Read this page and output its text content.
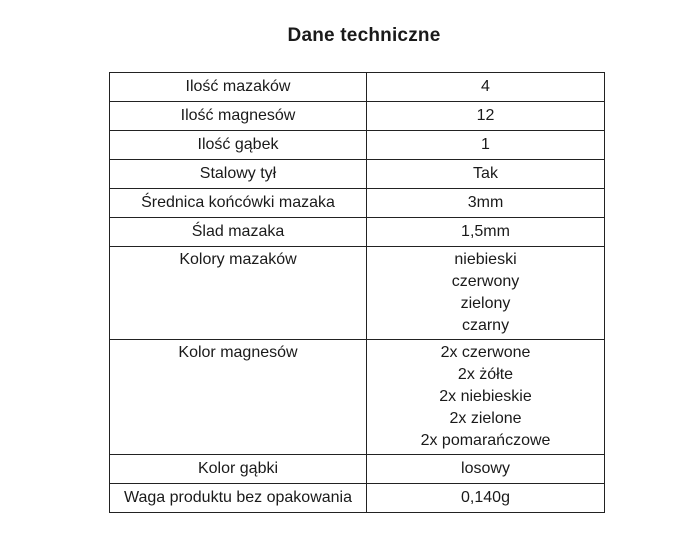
Dane techniczne
Ilość mazaków	4
Ilość magnesów	12
Ilość gąbek	1
Stalowy tył	Tak
Średnica końcówki mazaka	3mm
Ślad mazaka	1,5mm
Kolory mazaków	niebieski
czerwony
zielony
czarny

Kolor magnesów	2x czerwone
2x żółte
2x niebieskie
2x zielone
2x pomarańczowe

Kolor gąbki	losowy
Waga produktu bez opakowania	0,140g
